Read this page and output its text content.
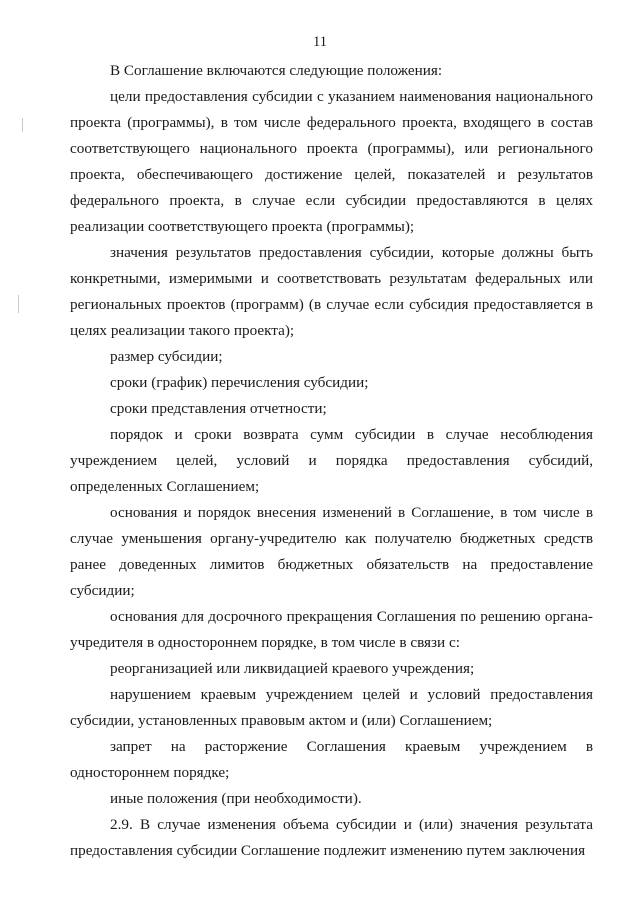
11

В Соглашение включаются следующие положения:

цели предоставления субсидии с указанием наименования национального проекта (программы), в том числе федерального проекта, входящего в состав соответствующего национального проекта (программы), или регионального проекта, обеспечивающего достижение целей, показателей и результатов федерального проекта, в случае если субсидии предоставляются в целях реализации соответствующего проекта (программы);

значения результатов предоставления субсидии, которые должны быть конкретными, измеримыми и соответствовать результатам федеральных или региональных проектов (программ) (в случае если субсидия предоставляется в целях реализации такого проекта);

размер субсидии;

сроки (график) перечисления субсидии;

сроки представления отчетности;

порядок и сроки возврата сумм субсидии в случае несоблюдения учреждением целей, условий и порядка предоставления субсидий, определенных Соглашением;

основания и порядок внесения изменений в Соглашение, в том числе в случае уменьшения органу-учредителю как получателю бюджетных средств ранее доведенных лимитов бюджетных обязательств на предоставление субсидии;

основания для досрочного прекращения Соглашения по решению органа-учредителя в одностороннем порядке, в том числе в связи с:

реорганизацией или ликвидацией краевого учреждения;

нарушением краевым учреждением целей и условий предоставления субсидии, установленных правовым актом и (или) Соглашением;

запрет на расторжение Соглашения краевым учреждением в одностороннем порядке;

иные положения (при необходимости).

2.9. В случае изменения объема субсидии и (или) значения результата предоставления субсидии Соглашение подлежит изменению путем заключения
